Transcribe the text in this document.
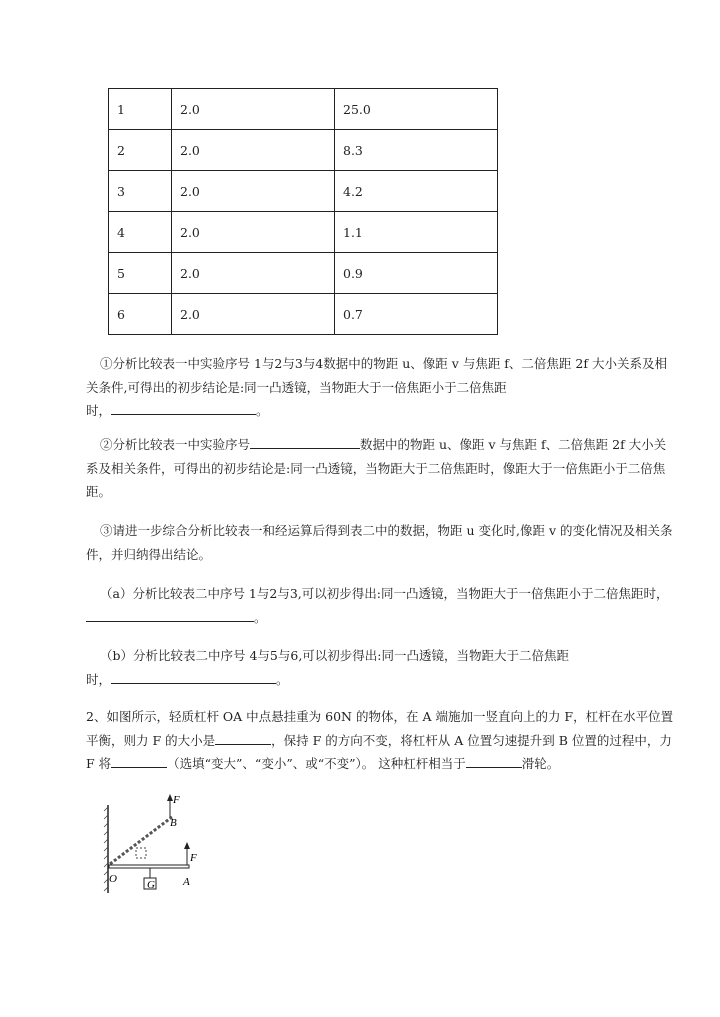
1	2.0	25.0
2	2.0	8.3
3	2.0	4.2
4	2.0	1.1
5	2.0	0.9
6	2.0	0.7
①分析比较表一中实验序号 1与2与3与4数据中的物距 u、像距 v 与焦距 f、二倍焦距 2f 大小关系及相关条件,可得出的初步结论是:同一凸透镜，当物距大于一倍焦距小于二倍焦距
时，	。
②分析比较表一中实验序号	数据中的物距 u、像距 v 与焦距 f、二倍焦距 2f 大小关系及相关条件，可得出的初步结论是:同一凸透镜，当物距大于二倍焦距时，像距大于一倍焦距小于二倍焦距。
③请进一步综合分析比较表一和经运算后得到表二中的数据，物距 u 变化时,像距 v 的变化情况及相关条件，并归纳得出结论。
（a）分析比较表二中序号 1与2与3,可以初步得出:同一凸透镜，当物距大于一倍焦距小于二倍焦距时，。
（b）分析比较表二中序号 4与5与6,可以初步得出:同一凸透镜，当物距大于二倍焦距
时，	。
2、如图所示，轻质杠杆 OA 中点悬挂重为 60N 的物体，在 A 端施加一竖直向上的力 F，杠杆在水平位置平衡，则力 F 的大小是	，保持 F 的方向不变，将杠杆从 A 位置匀速提升到 B 位置的过程中，力 F 将	（选填“变大”、“变小”、或“不变”）。 这种杠杆相当于	滑轮。
F
B
F
O	G	A
